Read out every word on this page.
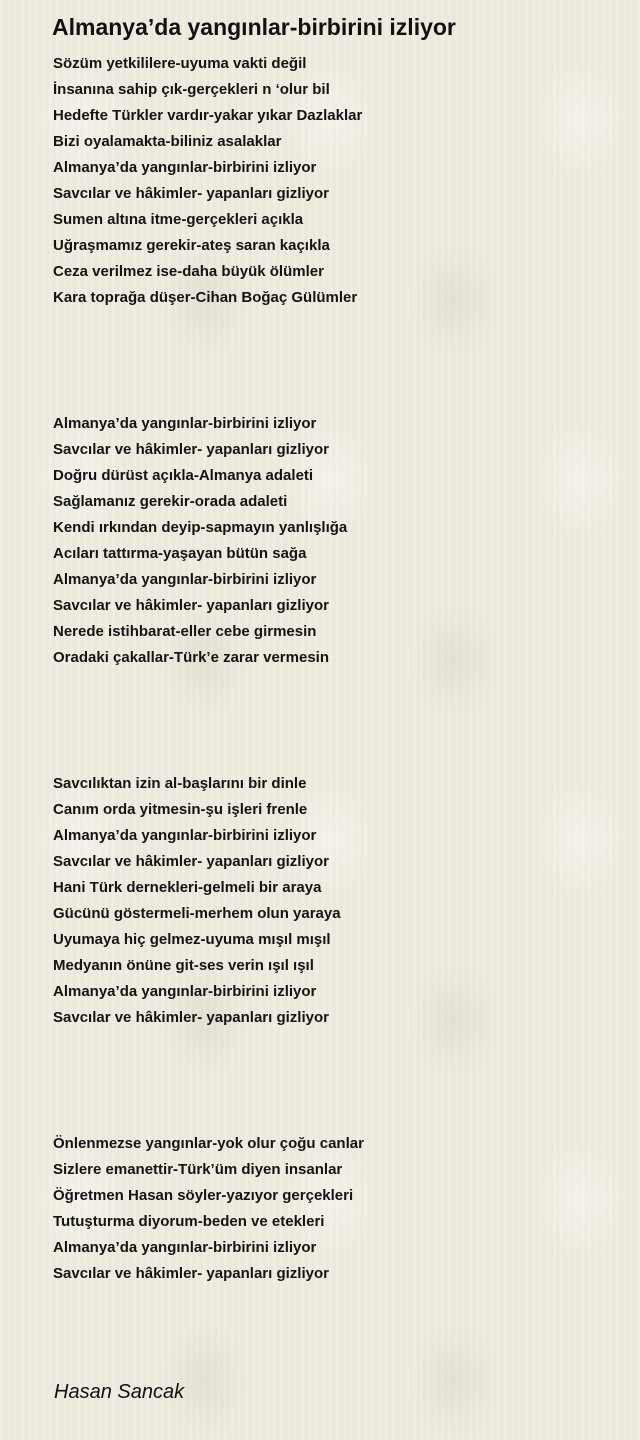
Almanya’da yangınlar-birbirini izliyor
Sözüm yetkililere-uyuma vakti değil
İnsanına sahip çık-gerçekleri n ‘olur bil
Hedefte Türkler vardır-yakar yıkar Dazlaklar
Bizi oyalamakta-biliniz asalaklar
Almanya’da yangınlar-birbirini izliyor
Savcılar ve hâkimler- yapanları gizliyor
Sumen altına itme-gerçekleri açıkla
Uğraşmamız gerekir-ateş saran kaçıkla
Ceza verilmez ise-daha büyük ölümler
Kara toprağa düşer-Cihan Boğaç Gülümler
Almanya’da yangınlar-birbirini izliyor
Savcılar ve hâkimler- yapanları gizliyor
Doğru dürüst açıkla-Almanya adaleti
Sağlamanız gerekir-orada adaleti
Kendi ırkından deyip-sapmayın yanlışlığa
Acıları tattırma-yaşayan bütün sağa
Almanya’da yangınlar-birbirini izliyor
Savcılar ve hâkimler- yapanları gizliyor
Nerede istihbarat-eller cebe girmesin
Oradaki çakallar-Türk’e zarar vermesin
Savcılıktan izin al-başlarını bir dinle
Canım orda yitmesin-şu işleri frenle
Almanya’da yangınlar-birbirini izliyor
Savcılar ve hâkimler- yapanları gizliyor
Hani Türk dernekleri-gelmeli bir araya
Gücünü göstermeli-merhem olun yaraya
Uyumaya hiç gelmez-uyuma mışıl mışıl
Medyanın önüne git-ses verin ışıl ışıl
Almanya’da yangınlar-birbirini izliyor
Savcılar ve hâkimler- yapanları gizliyor
Önlenmezse yangınlar-yok olur çoğu canlar
Sizlere emanettir-Türk’üm diyen insanlar
Öğretmen Hasan söyler-yazıyor gerçekleri
Tutuşturma diyorum-beden ve etekleri
Almanya’da yangınlar-birbirini izliyor
Savcılar ve hâkimler- yapanları gizliyor
Hasan Sancak
